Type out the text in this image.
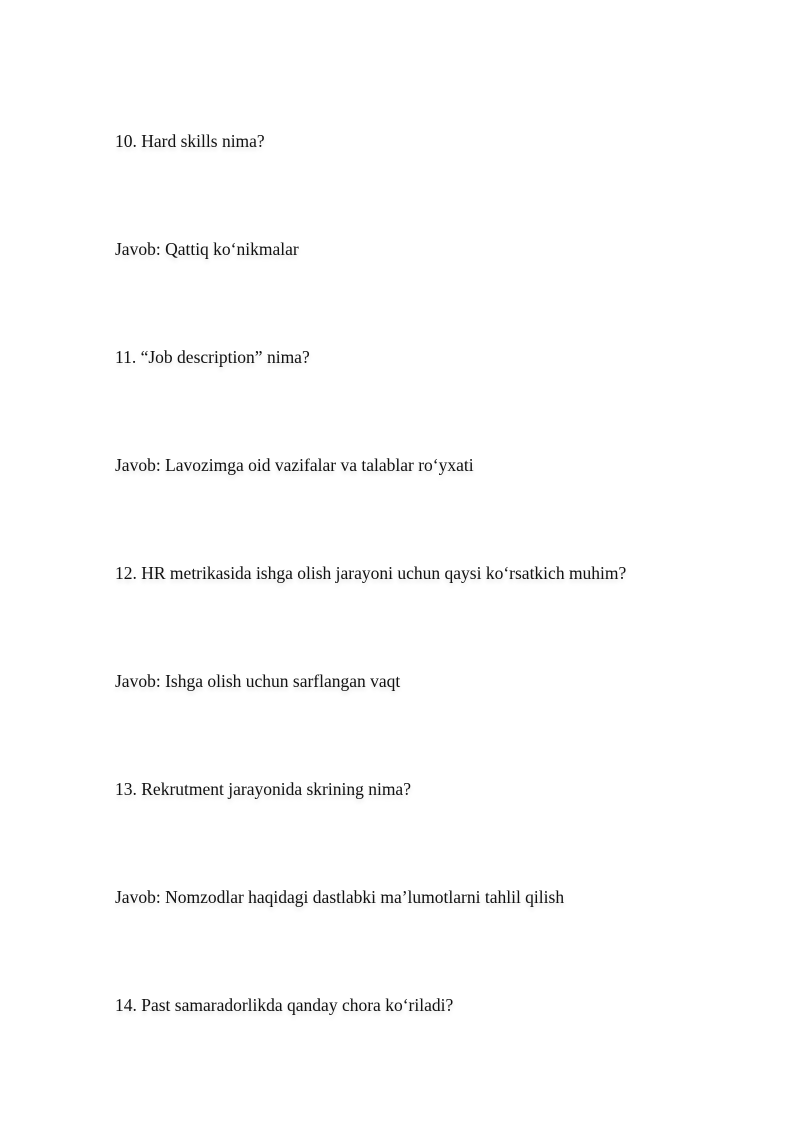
10. Hard skills nima?
Javob: Qattiq ko‘nikmalar
11. “Job description” nima?
Javob: Lavozimga oid vazifalar va talablar ro‘yxati
12. HR metrikasida ishga olish jarayoni uchun qaysi ko‘rsatkich muhim?
Javob: Ishga olish uchun sarflangan vaqt
13. Rekrutment jarayonida skrining nima?
Javob: Nomzodlar haqidagi dastlabki ma’lumotlarni tahlil qilish
14. Past samaradorlikda qanday chora ko‘riladi?
